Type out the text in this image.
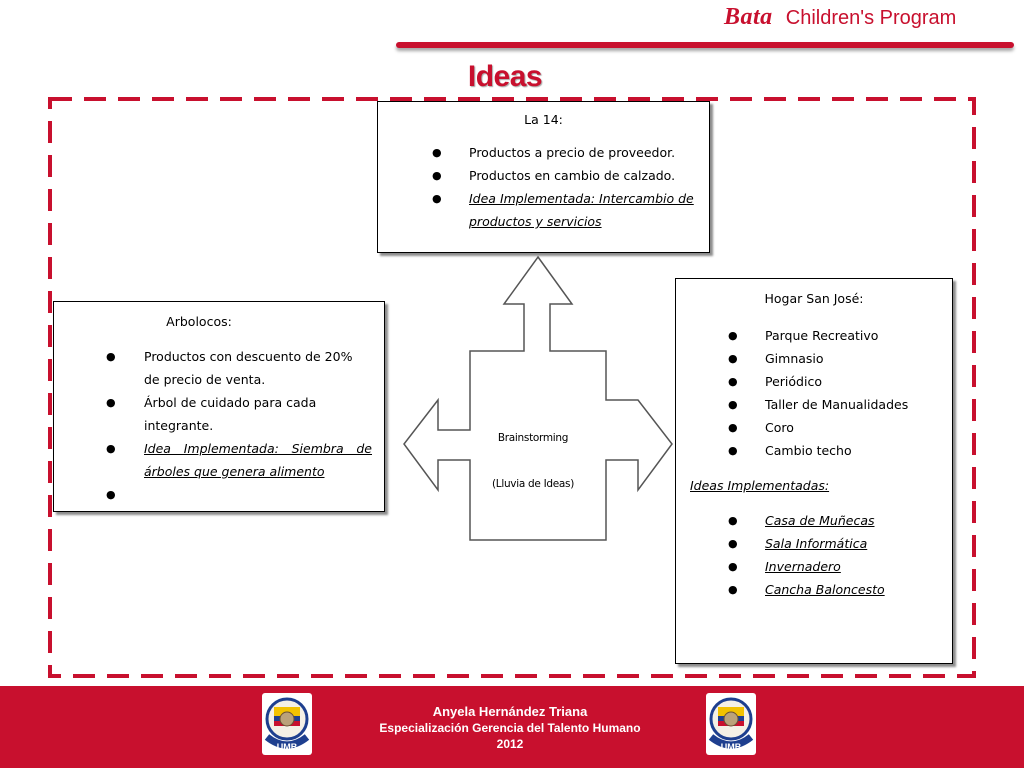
Bata Children's Program
Ideas
La 14:
● Productos a precio de proveedor.
● Productos en cambio de calzado.
● Idea Implementada: Intercambio de productos y servicios
Arbolocos:
● Productos con descuento de 20% de precio de venta.
● Árbol de cuidado para cada integrante.
● Idea Implementada: Siembra de árboles que genera alimento
●

Hogar San José:
● Parque Recreativo
● Gimnasio
● Periódico
● Taller de Manualidades
● Coro
● Cambio techo
Ideas Implementadas:
● Casa de Muñecas
● Sala Informática
● Invernadero
● Cancha Baloncesto
Brainstorming
(Lluvia de Ideas)
UMB
Anyela Hernández Triana
Especialización Gerencia del Talento Humano
2012	UMB
